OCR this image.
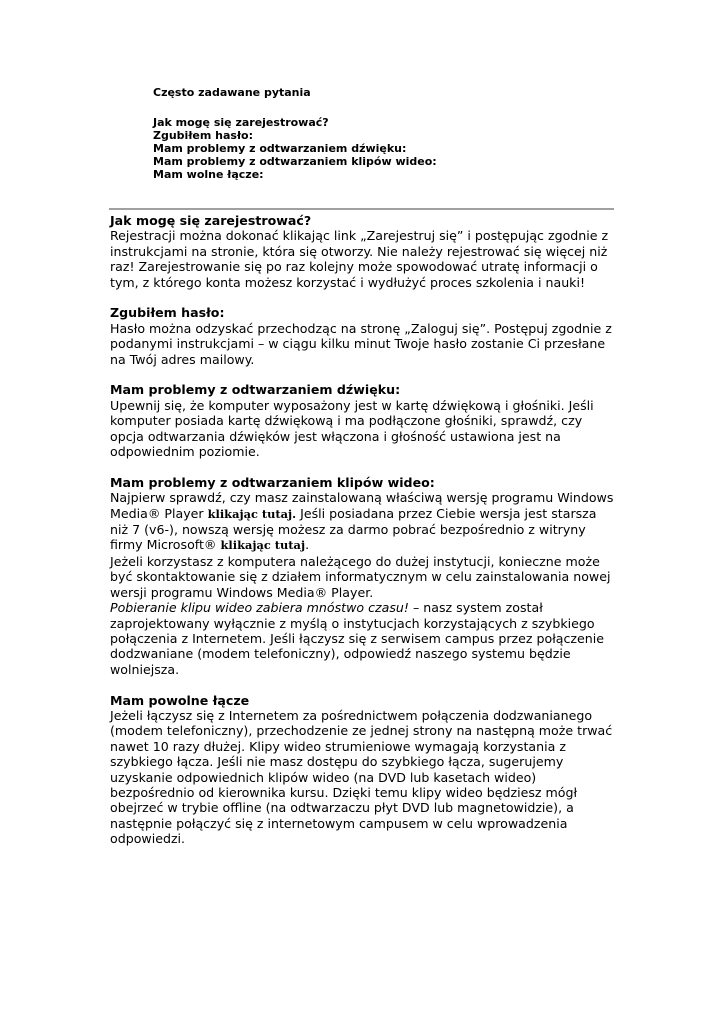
Często zadawane pytania
Jak mogę się zarejestrować?
Zgubiłem hasło:
Mam problemy z odtwarzaniem dźwięku:
Mam problemy z odtwarzaniem klipów wideo:
Mam wolne łącze:
Jak mogę się zarejestrować?

Rejestracji można dokonać klikając link „Zarejestruj się” i postępując zgodnie z instrukcjami na stronie, która się otworzy. Nie należy rejestrować się więcej niż raz! Zarejestrowanie się po raz kolejny może spowodować utratę informacji o tym, z którego konta możesz korzystać i wydłużyć proces szkolenia i nauki!

Zgubiłem hasło:

Hasło można odzyskać przechodząc na stronę „Zaloguj się”. Postępuj zgodnie z podanymi instrukcjami – w ciągu kilku minut Twoje hasło zostanie Ci przesłane na Twój adres mailowy.

Mam problemy z odtwarzaniem dźwięku:

Upewnij się, że komputer wyposażony jest w kartę dźwiękową i głośniki. Jeśli komputer posiada kartę dźwiękową i ma podłączone głośniki, sprawdź, czy opcja odtwarzania dźwięków jest włączona i głośność ustawiona jest na odpowiednim poziomie.

Mam problemy z odtwarzaniem klipów wideo:

Najpierw sprawdź, czy masz zainstalowaną właściwą wersję programu Windows Media® Player klikając tutaj. Jeśli posiadana przez Ciebie wersja jest starsza niż 7 (v6-), nowszą wersję możesz za darmo pobrać bezpośrednio z witryny firmy Microsoft® klikając tutaj.

Jeżeli korzystasz z komputera należącego do dużej instytucji, konieczne może być skontaktowanie się z działem informatycznym w celu zainstalowania nowej wersji programu Windows Media® Player.

Pobieranie klipu wideo zabiera mnóstwo czasu! – nasz system został zaprojektowany wyłącznie z myślą o instytucjach korzystających z szybkiego połączenia z Internetem. Jeśli łączysz się z serwisem campus przez połączenie dodzwaniane (modem telefoniczny), odpowiedź naszego systemu będzie wolniejsza.

Mam powolne łącze

Jeżeli łączysz się z Internetem za pośrednictwem połączenia dodzwanianego (modem telefoniczny), przechodzenie ze jednej strony na następną może trwać nawet 10 razy dłużej. Klipy wideo strumieniowe wymagają korzystania z szybkiego łącza. Jeśli nie masz dostępu do szybkiego łącza, sugerujemy uzyskanie odpowiednich klipów wideo (na DVD lub kasetach wideo) bezpośrednio od kierownika kursu. Dzięki temu klipy wideo będziesz mógł obejrzeć w trybie offline (na odtwarzaczu płyt DVD lub magnetowidzie), a następnie połączyć się z internetowym campusem w celu wprowadzenia odpowiedzi.
